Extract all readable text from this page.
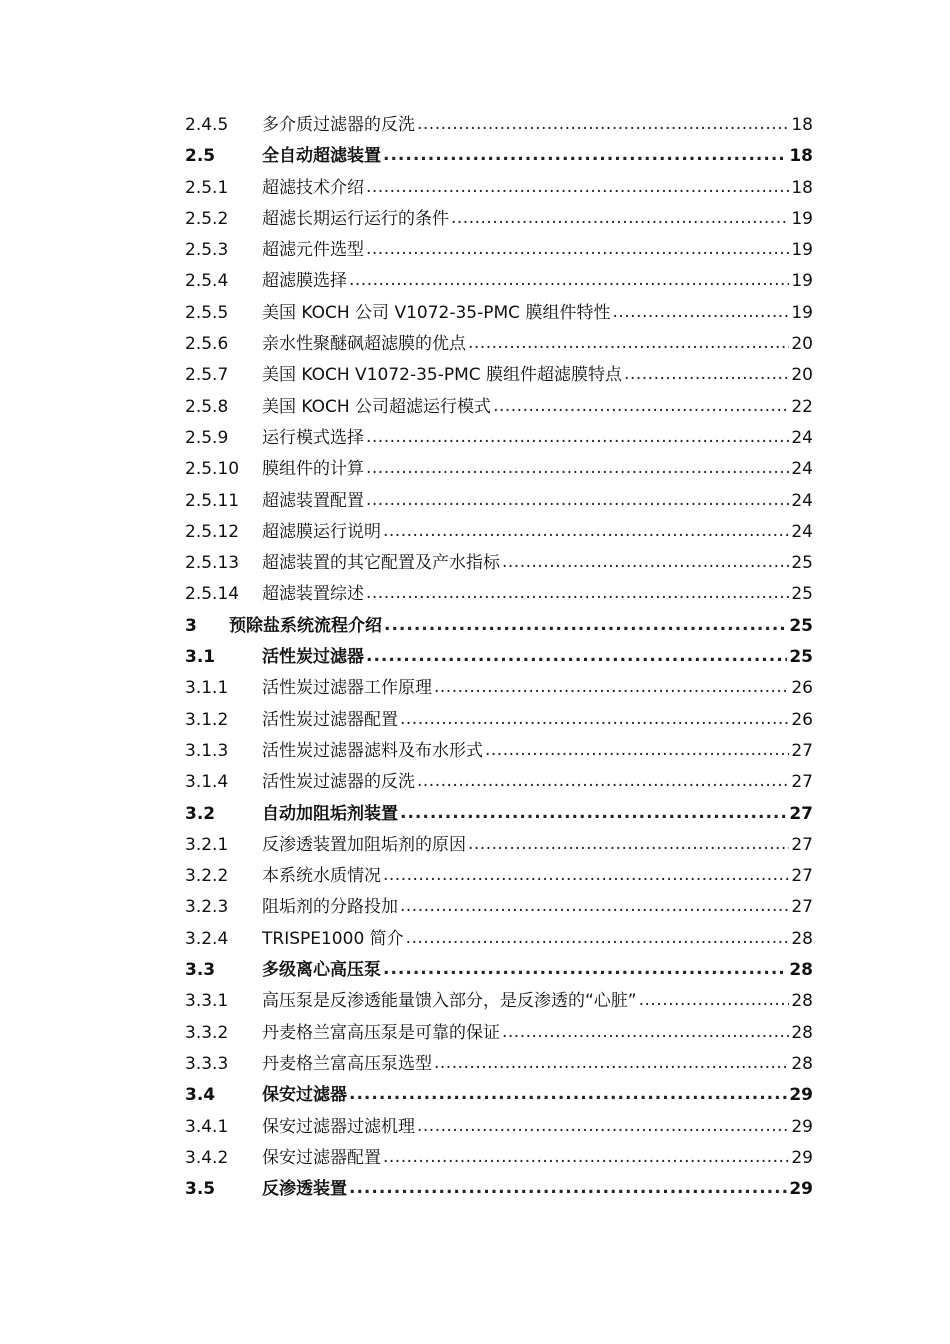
2.4.5	多介质过滤器的反洗 .....	18
2.5	全自动超滤装置 .....	18
2.5.1	超滤技术介绍 .....	18
2.5.2	超滤长期运行运行的条件 .....	19
2.5.3	超滤元件选型 .....	19
2.5.4	超滤膜选择 .....	19
2.5.5	美国 KOCH 公司 V1072-35-PMC 膜组件特性 .....	19
2.5.6	亲水性聚醚砜超滤膜的优点 .....	20
2.5.7	美国 KOCH V1072-35-PMC 膜组件超滤膜特点 .....	20
2.5.8	美国 KOCH 公司超滤运行模式 .....	22
2.5.9	运行模式选择 .....	24
2.5.10	膜组件的计算 .....	24
2.5.11	超滤装置配置 .....	24
2.5.12	超滤膜运行说明 .....	24
2.5.13	超滤装置的其它配置及产水指标 .....	25
2.5.14	超滤装置综述 .....	25
3	预除盐系统流程介绍 .....	25
3.1	活性炭过滤器 .....	25
3.1.1	活性炭过滤器工作原理 .....	26
3.1.2	活性炭过滤器配置 .....	26
3.1.3	活性炭过滤器滤料及布水形式 .....	27
3.1.4	活性炭过滤器的反洗 .....	27
3.2	自动加阻垢剂装置 .....	27
3.2.1	反渗透装置加阻垢剂的原因 .....	27
3.2.2	本系统水质情况 .....	27
3.2.3	阻垢剂的分路投加 .....	27
3.2.4	TRISPE1000 简介 .....	28
3.3	多级离心高压泵 .....	28
3.3.1	高压泵是反渗透能量馈入部分，是反渗透的“心脏” .....	28
3.3.2	丹麦格兰富高压泵是可靠的保证 .....	28
3.3.3	丹麦格兰富高压泵选型 .....	28
3.4	保安过滤器 .....	29
3.4.1	保安过滤器过滤机理 .....	29
3.4.2	保安过滤器配置 .....	29
3.5	反渗透装置 .....	29
